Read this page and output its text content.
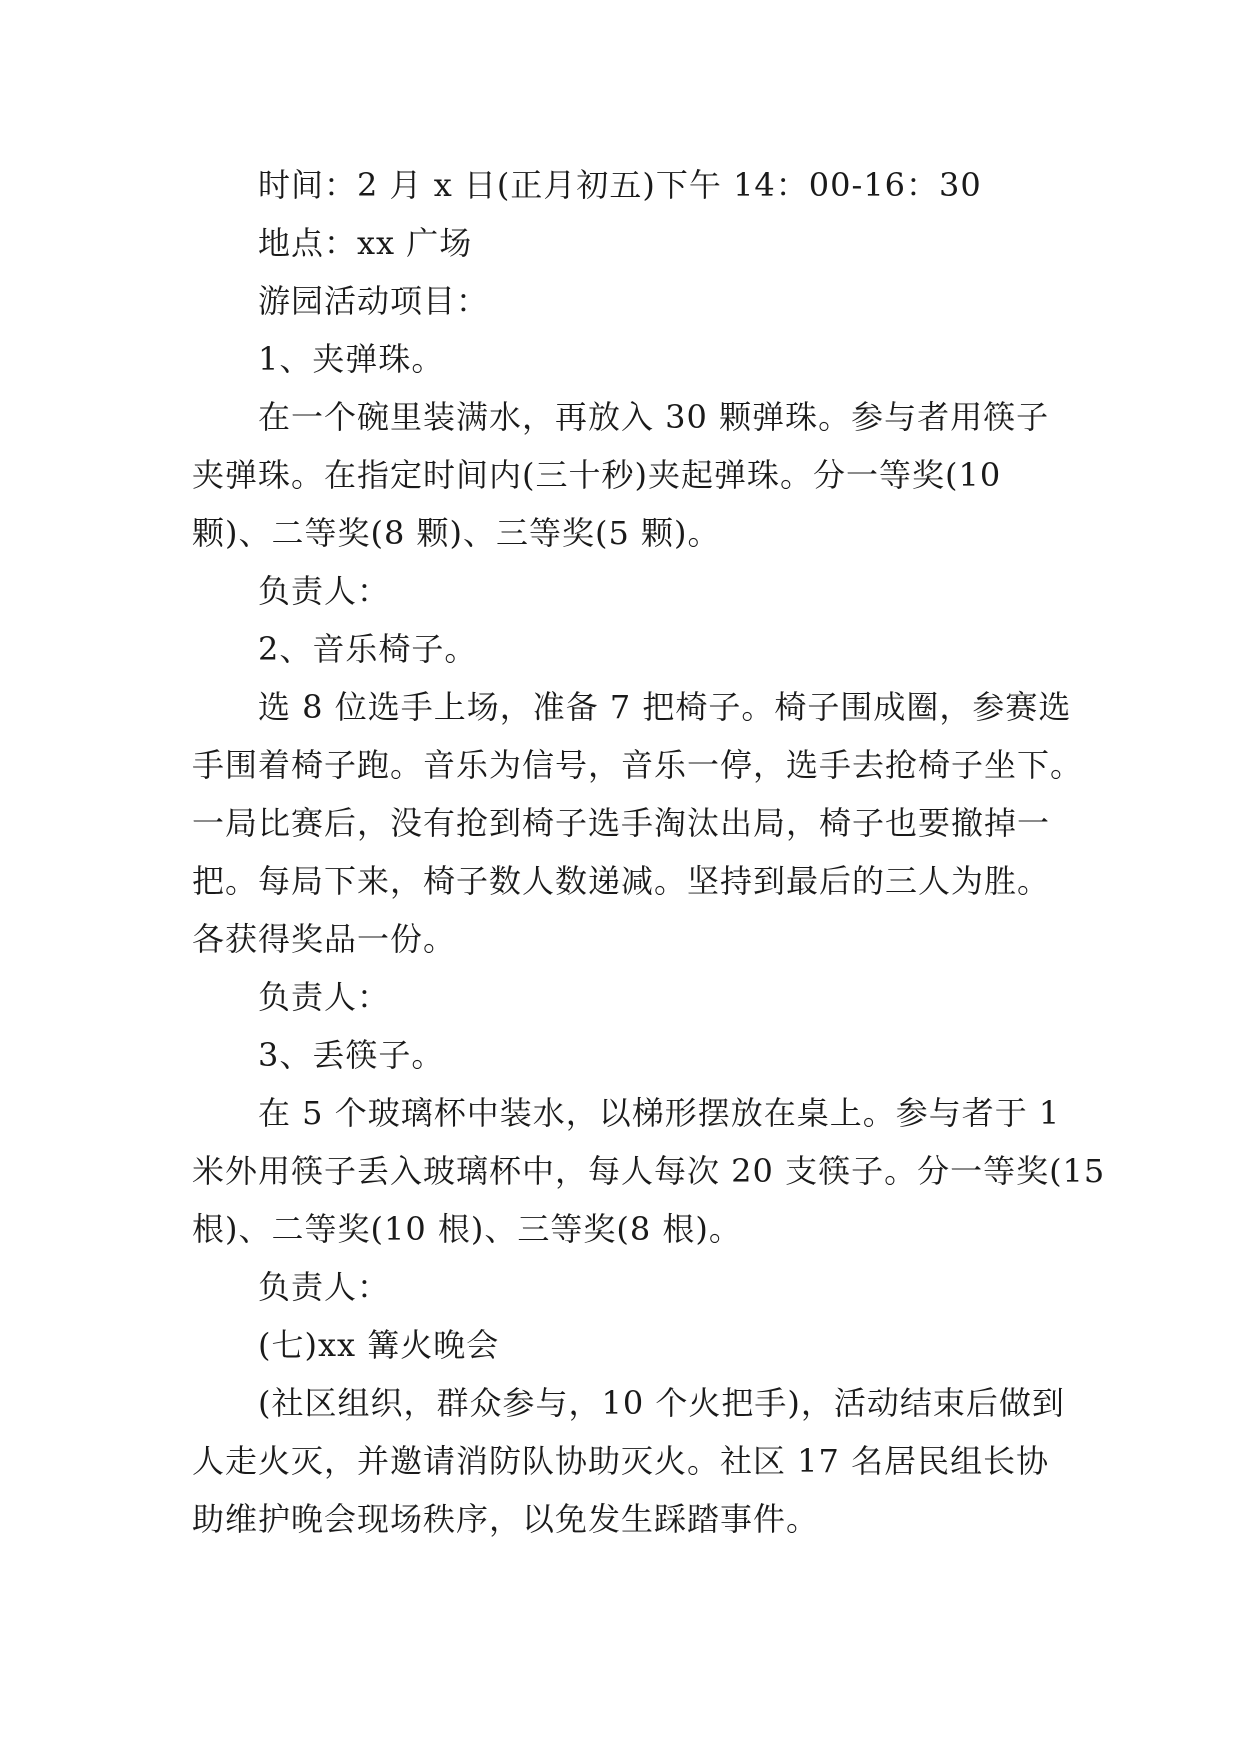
时间：2 月 x 日(正月初五)下午 14：00-16：30
地点：xx 广场
游园活动项目：
1、夹弹珠。
在一个碗里装满水，再放入 30 颗弹珠。参与者用筷子
夹弹珠。在指定时间内(三十秒)夹起弹珠。分一等奖(10
颗)、二等奖(8 颗)、三等奖(5 颗)。
负责人：
2、音乐椅子。
选 8 位选手上场，准备 7 把椅子。椅子围成圈，参赛选
手围着椅子跑。音乐为信号，音乐一停，选手去抢椅子坐下。
一局比赛后，没有抢到椅子选手淘汰出局，椅子也要撤掉一
把。每局下来，椅子数人数递减。坚持到最后的三人为胜。
各获得奖品一份。
负责人：
3、丢筷子。
在 5 个玻璃杯中装水，以梯形摆放在桌上。参与者于 1
米外用筷子丢入玻璃杯中，每人每次 20 支筷子。分一等奖(15
根)、二等奖(10 根)、三等奖(8 根)。
负责人：
(七)xx 篝火晚会
(社区组织，群众参与，10 个火把手)，活动结束后做到
人走火灭，并邀请消防队协助灭火。社区 17 名居民组长协
助维护晚会现场秩序，以免发生踩踏事件。
